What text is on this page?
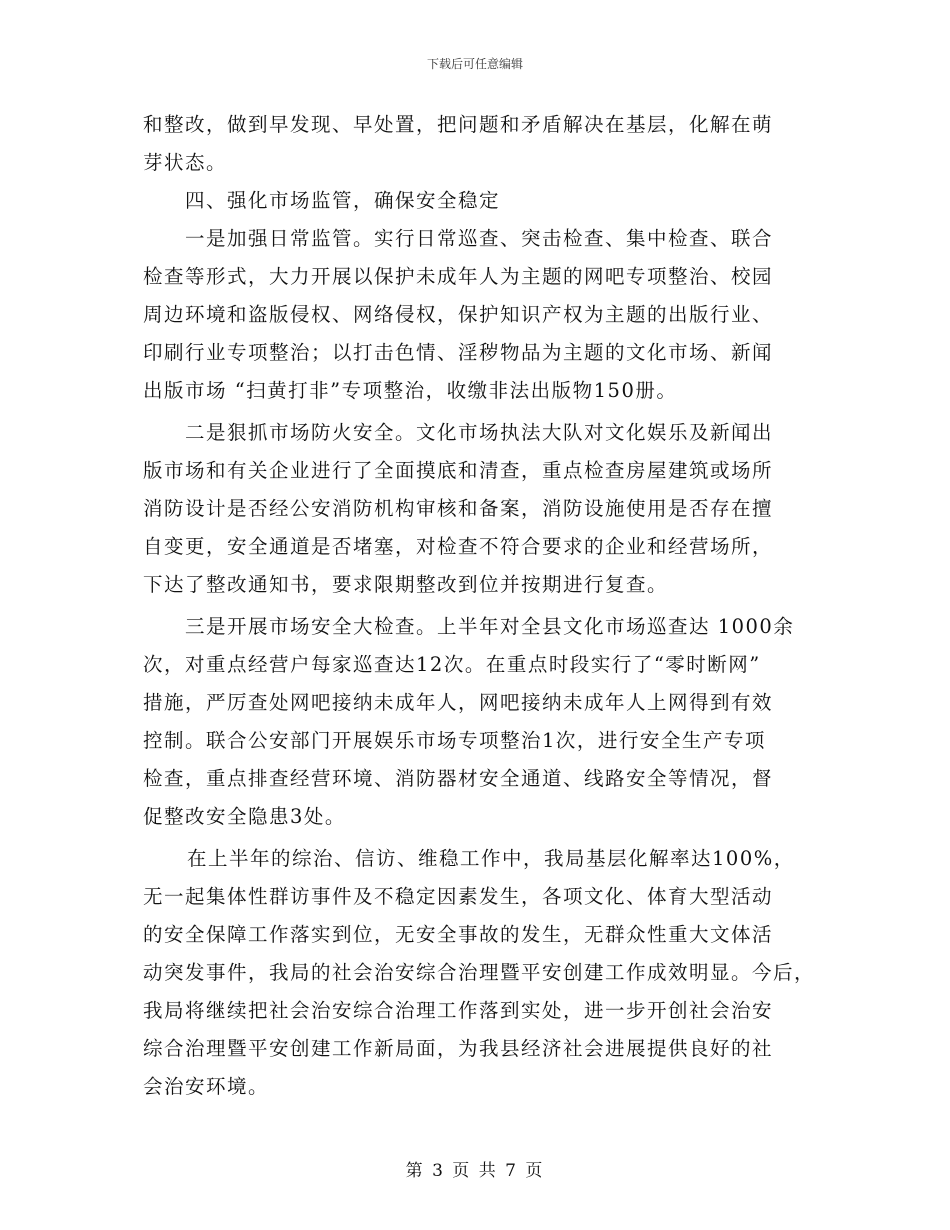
下载后可任意编辑
和整改，做到早发现、早处置，把问题和矛盾解决在基层，化解在萌
芽状态。
四、强化市场监管，确保安全稳定
一是加强日常监管。实行日常巡查、突击检查、集中检查、联合
检查等形式，大力开展以保护未成年人为主题的网吧专项整治、校园
周边环境和盗版侵权、网络侵权，保护知识产权为主题的出版行业、
印刷行业专项整治；以打击色情、淫秽物品为主题的文化市场、新闻
出版市场 “扫黄打非”专项整治，收缴非法出版物150册。
二是狠抓市场防火安全。文化市场执法大队对文化娱乐及新闻出
版市场和有关企业进行了全面摸底和清查，重点检查房屋建筑或场所
消防设计是否经公安消防机构审核和备案，消防设施使用是否存在擅
自变更，安全通道是否堵塞，对检查不符合要求的企业和经营场所，
下达了整改通知书，要求限期整改到位并按期进行复查。
三是开展市场安全大检查。上半年对全县文化市场巡查达 1000余
次，对重点经营户每家巡查达12次。在重点时段实行了“零时断网”
措施，严厉查处网吧接纳未成年人，网吧接纳未成年人上网得到有效
控制。联合公安部门开展娱乐市场专项整治1次，进行安全生产专项
检查，重点排查经营环境、消防器材安全通道、线路安全等情况，督
促整改安全隐患3处。
在上半年的综治、信访、维稳工作中，我局基层化解率达100%，
无一起集体性群访事件及不稳定因素发生，各项文化、体育大型活动
的安全保障工作落实到位，无安全事故的发生，无群众性重大文体活
动突发事件，我局的社会治安综合治理暨平安创建工作成效明显。今后，
我局将继续把社会治安综合治理工作落到实处，进一步开创社会治安
综合治理暨平安创建工作新局面，为我县经济社会进展提供良好的社
会治安环境。
第 3 页 共 7 页
